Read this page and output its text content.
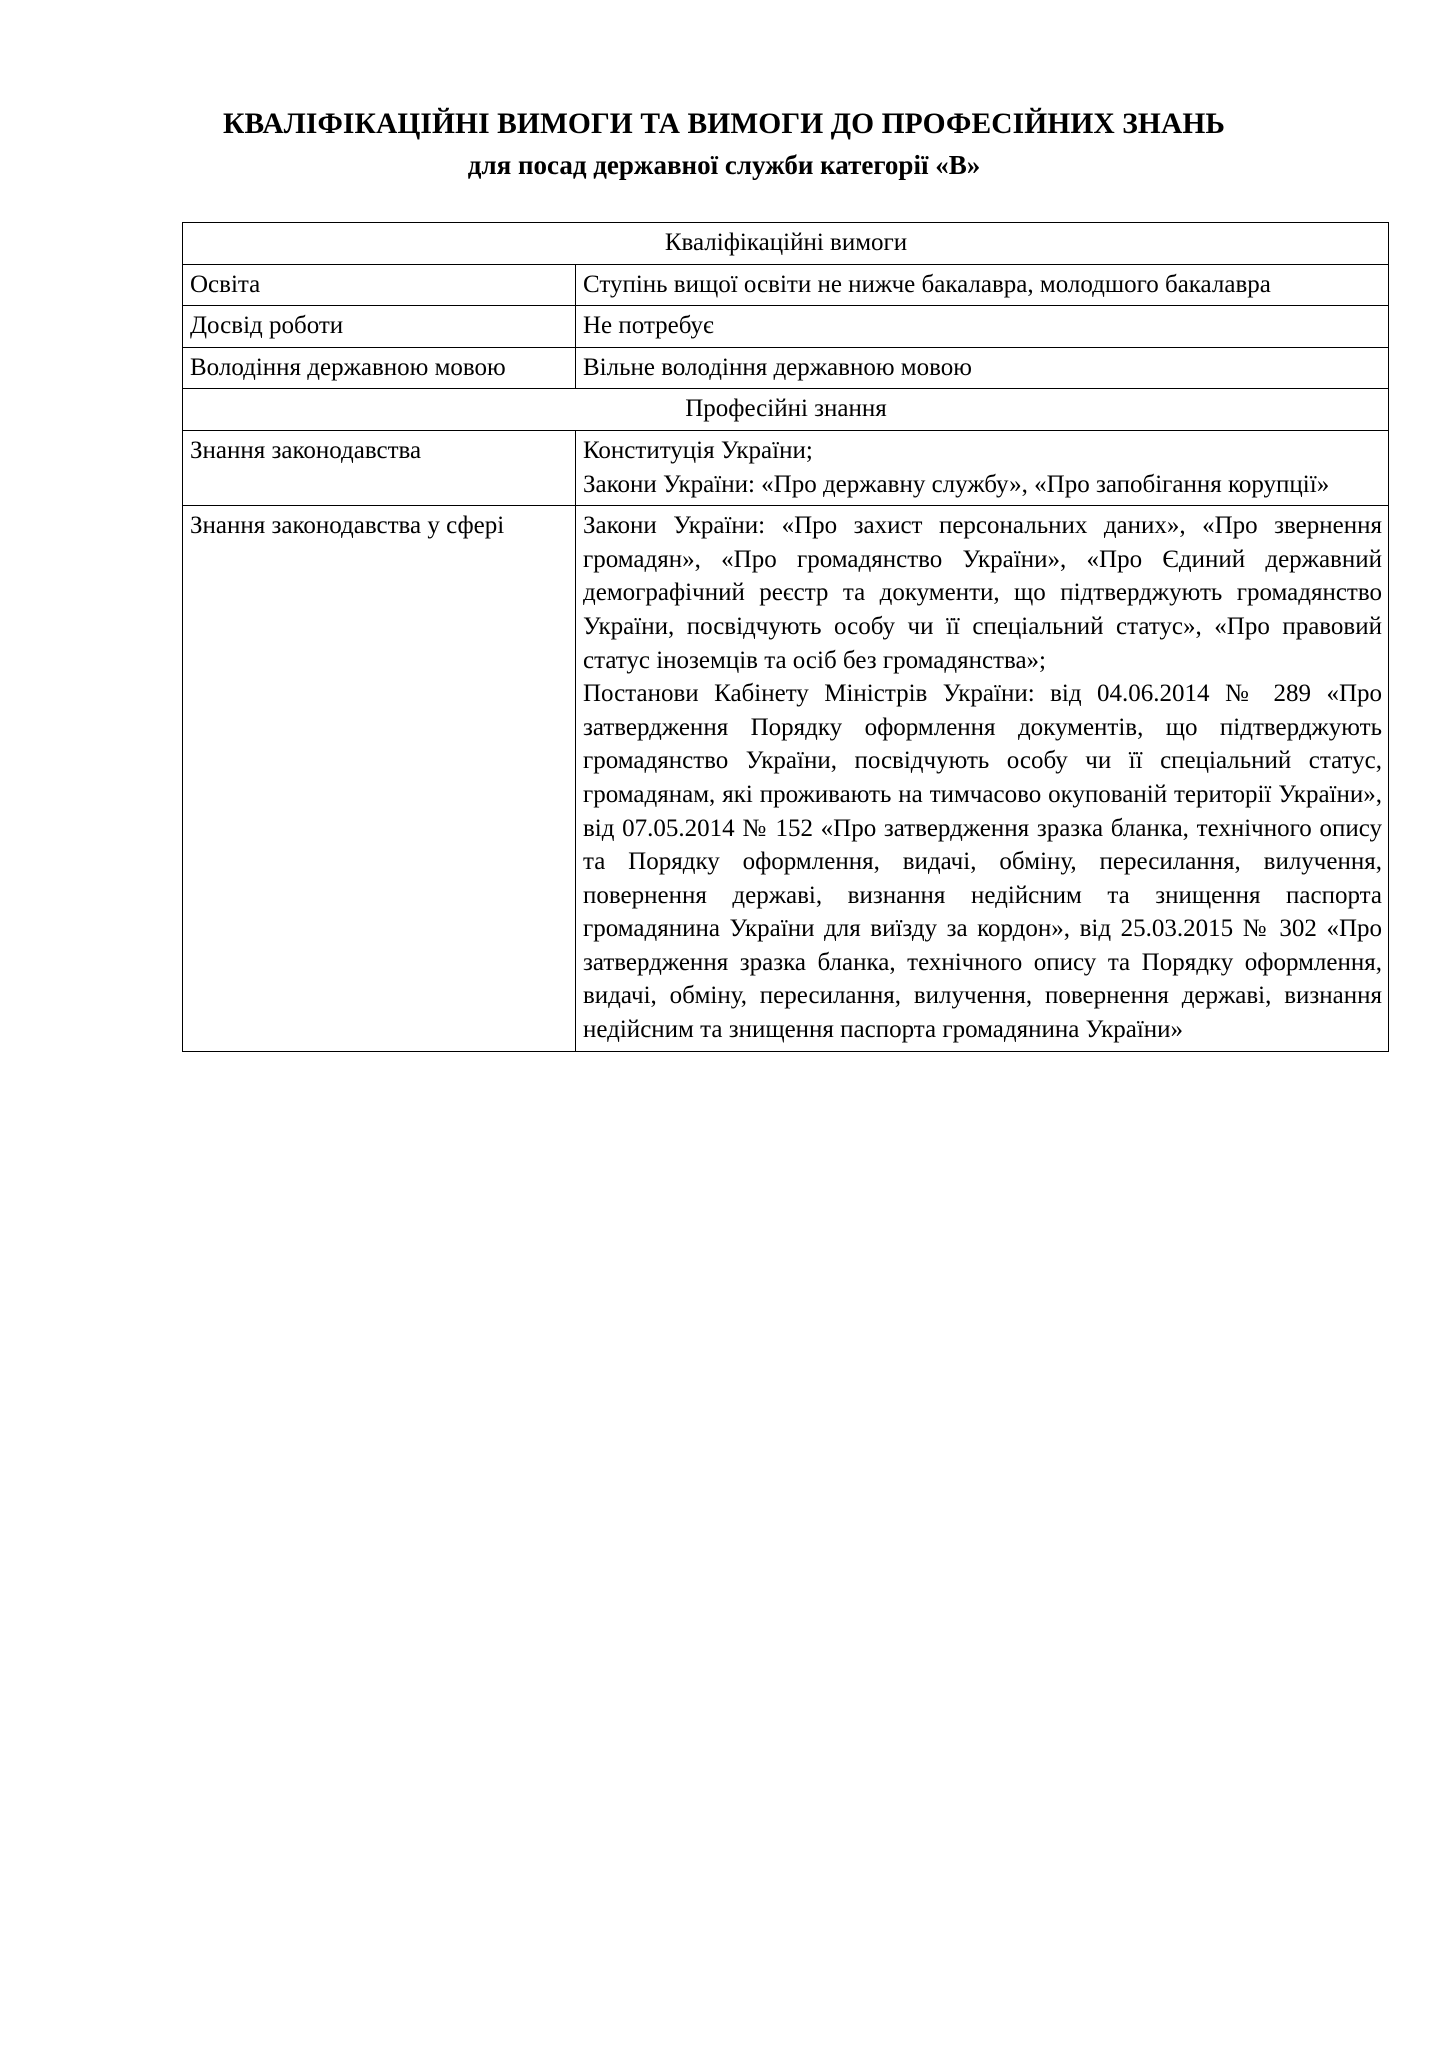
КВАЛІФІКАЦІЙНІ ВИМОГИ ТА ВИМОГИ ДО ПРОФЕСІЙНИХ ЗНАНЬ
для посад державної служби категорії «В»
Кваліфікаційні вимоги	
Освіта	Ступінь вищої освіти не нижче бакалавра, молодшого бакалавра

Досвід роботи	Не потребує

Володіння державною мовою	Вільне володіння державною мовою

Професійні знання	
Знання законодавства	Конституція України;

Закони України: «Про державну службу», «Про запобігання корупції»

Знання законодавства у сфері	Закони України: «Про захист персональних даних», «Про звернення громадян», «Про громадянство України», «Про Єдиний державний демографічний реєстр та документи, що підтверджують громадянство України, посвідчують особу чи її спеціальний статус», «Про правовий статус іноземців та осіб без громадянства»;

Постанови Кабінету Міністрів України: від 04.06.2014 № 289 «Про затвердження Порядку оформлення документів, що підтверджують громадянство України, посвідчують особу чи її спеціальний статус, громадянам, які проживають на тимчасово окупованій території України», від 07.05.2014 № 152 «Про затвердження зразка бланка, технічного опису та Порядку оформлення, видачі, обміну, пересилання, вилучення, повернення державі, визнання недійсним та знищення паспорта громадянина України для виїзду за кордон», від 25.03.2015 № 302 «Про затвердження зразка бланка, технічного опису та Порядку оформлення, видачі, обміну, пересилання, вилучення, повернення державі, визнання недійсним та знищення паспорта громадянина України»
